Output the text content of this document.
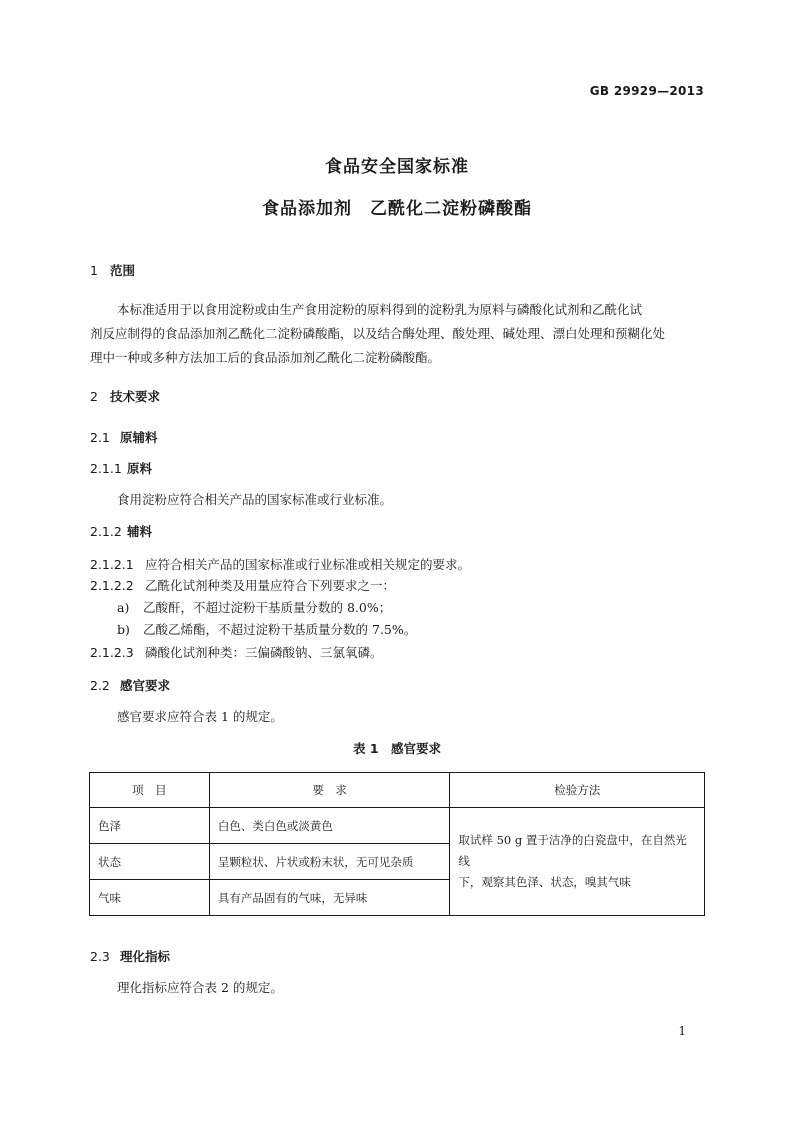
GB 29929—2013
食品安全国家标准
食品添加剂　乙酰化二淀粉磷酸酯
1 范围

本标准适用于以食用淀粉或由生产食用淀粉的原料得到的淀粉乳为原料与磷酸化试剂和乙酰化试

剂反应制得的食品添加剂乙酰化二淀粉磷酸酯，以及结合酶处理、酸处理、碱处理、漂白处理和预糊化处

理中一种或多种方法加工后的食品添加剂乙酰化二淀粉磷酸酯。

2 技术要求
2.1 原辅料
2.1.1 原料
食用淀粉应符合相关产品的国家标准或行业标准。
2.1.2 辅料
2.1.2.1 应符合相关产品的国家标准或行业标准或相关规定的要求。
2.1.2.2 乙酰化试剂种类及用量应符合下列要求之一：
a) 乙酸酐，不超过淀粉干基质量分数的 8.0%；
b) 乙酸乙烯酯，不超过淀粉干基质量分数的 7.5%。
2.1.2.3 磷酸化试剂种类：三偏磷酸钠、三氯氧磷。
2.2 感官要求
感官要求应符合表 1 的规定。
表 1　感官要求
项　目	要　求	检验方法
色泽	白色、类白色或淡黄色	取试样 50 g 置于洁净的白瓷盘中，在自然光线
下，观察其色泽、状态，嗅其气味

状态	呈颗粒状、片状或粉末状，无可见杂质	
气味	具有产品固有的气味，无异味	
2.3 理化指标
理化指标应符合表 2 的规定。
1
